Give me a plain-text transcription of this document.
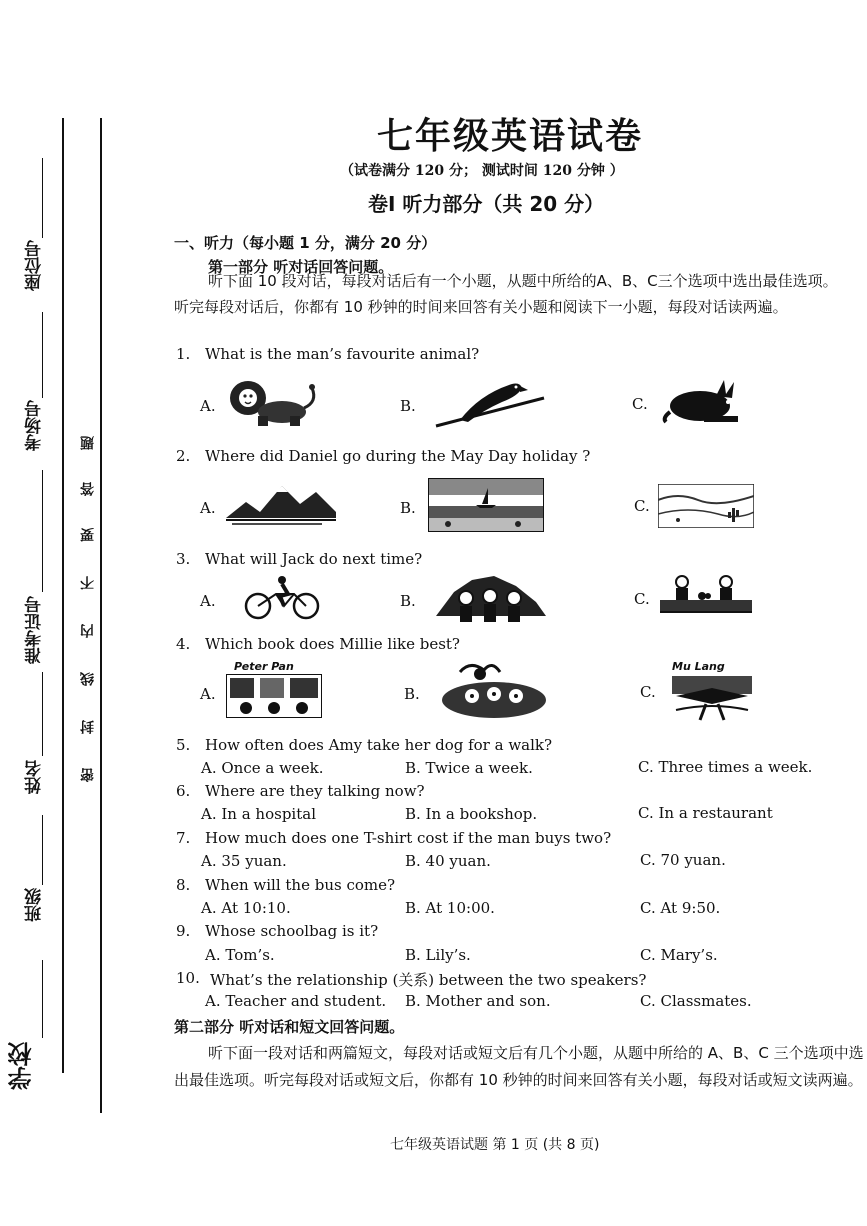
座位号
考场号
准考证号
姓名
班级
学校
题
答
要
不
内
线
封
密
七年级英语试卷
（试卷满分 120 分； 测试时间 120 分钟 ）
卷I 听力部分（共 20 分）
一、听力（每小题 1 分，满分 20 分）
第一部分 听对话回答问题。
听下面 10 段对话，每段对话后有一个小题，从题中所给的A、B、C三个选项中选出最佳选项。听完每段对话后，你都有 10 秒钟的时间来回答有关小题和阅读下一小题，每段对话读两遍。
1. What is the man’s favourite animal?
A.	B.	C.
2. Where did Daniel go during the May Day holiday ?
A.	B.	C.
3. What will Jack do next time?
A.	B.	C.
4. Which book does Millie like best?
A.
Peter Pan
B.	C.
Mu Lang
5. How often does Amy take her dog for a walk?
A. Once a week.	B. Twice a week.	C. Three times a week.
6. Where are they talking now?
A. In a hospital	B. In a bookshop.	C. In a restaurant
7. How much does one T-shirt cost if the man buys two?
A. 35 yuan.	B. 40 yuan.	C. 70 yuan.
8. When will the bus come?
A. At 10:10.	B. At 10:00.	C. At 9:50.
9. Whose schoolbag is it?
A. Tom’s.	B. Lily’s.	C. Mary’s.
10. What’s the relationship (关系) between the two speakers?
A. Teacher and student. B. Mother and son.	C. Classmates.
第二部分 听对话和短文回答问题。
听下面一段对话和两篇短文，每段对话或短文后有几个小题，从题中所给的 A、B、C 三个选项中选出最佳选项。听完每段对话或短文后，你都有 10 秒钟的时间来回答有关小题，每段对话或短文读两遍。
七年级英语试题 第 1 页 (共 8 页)
